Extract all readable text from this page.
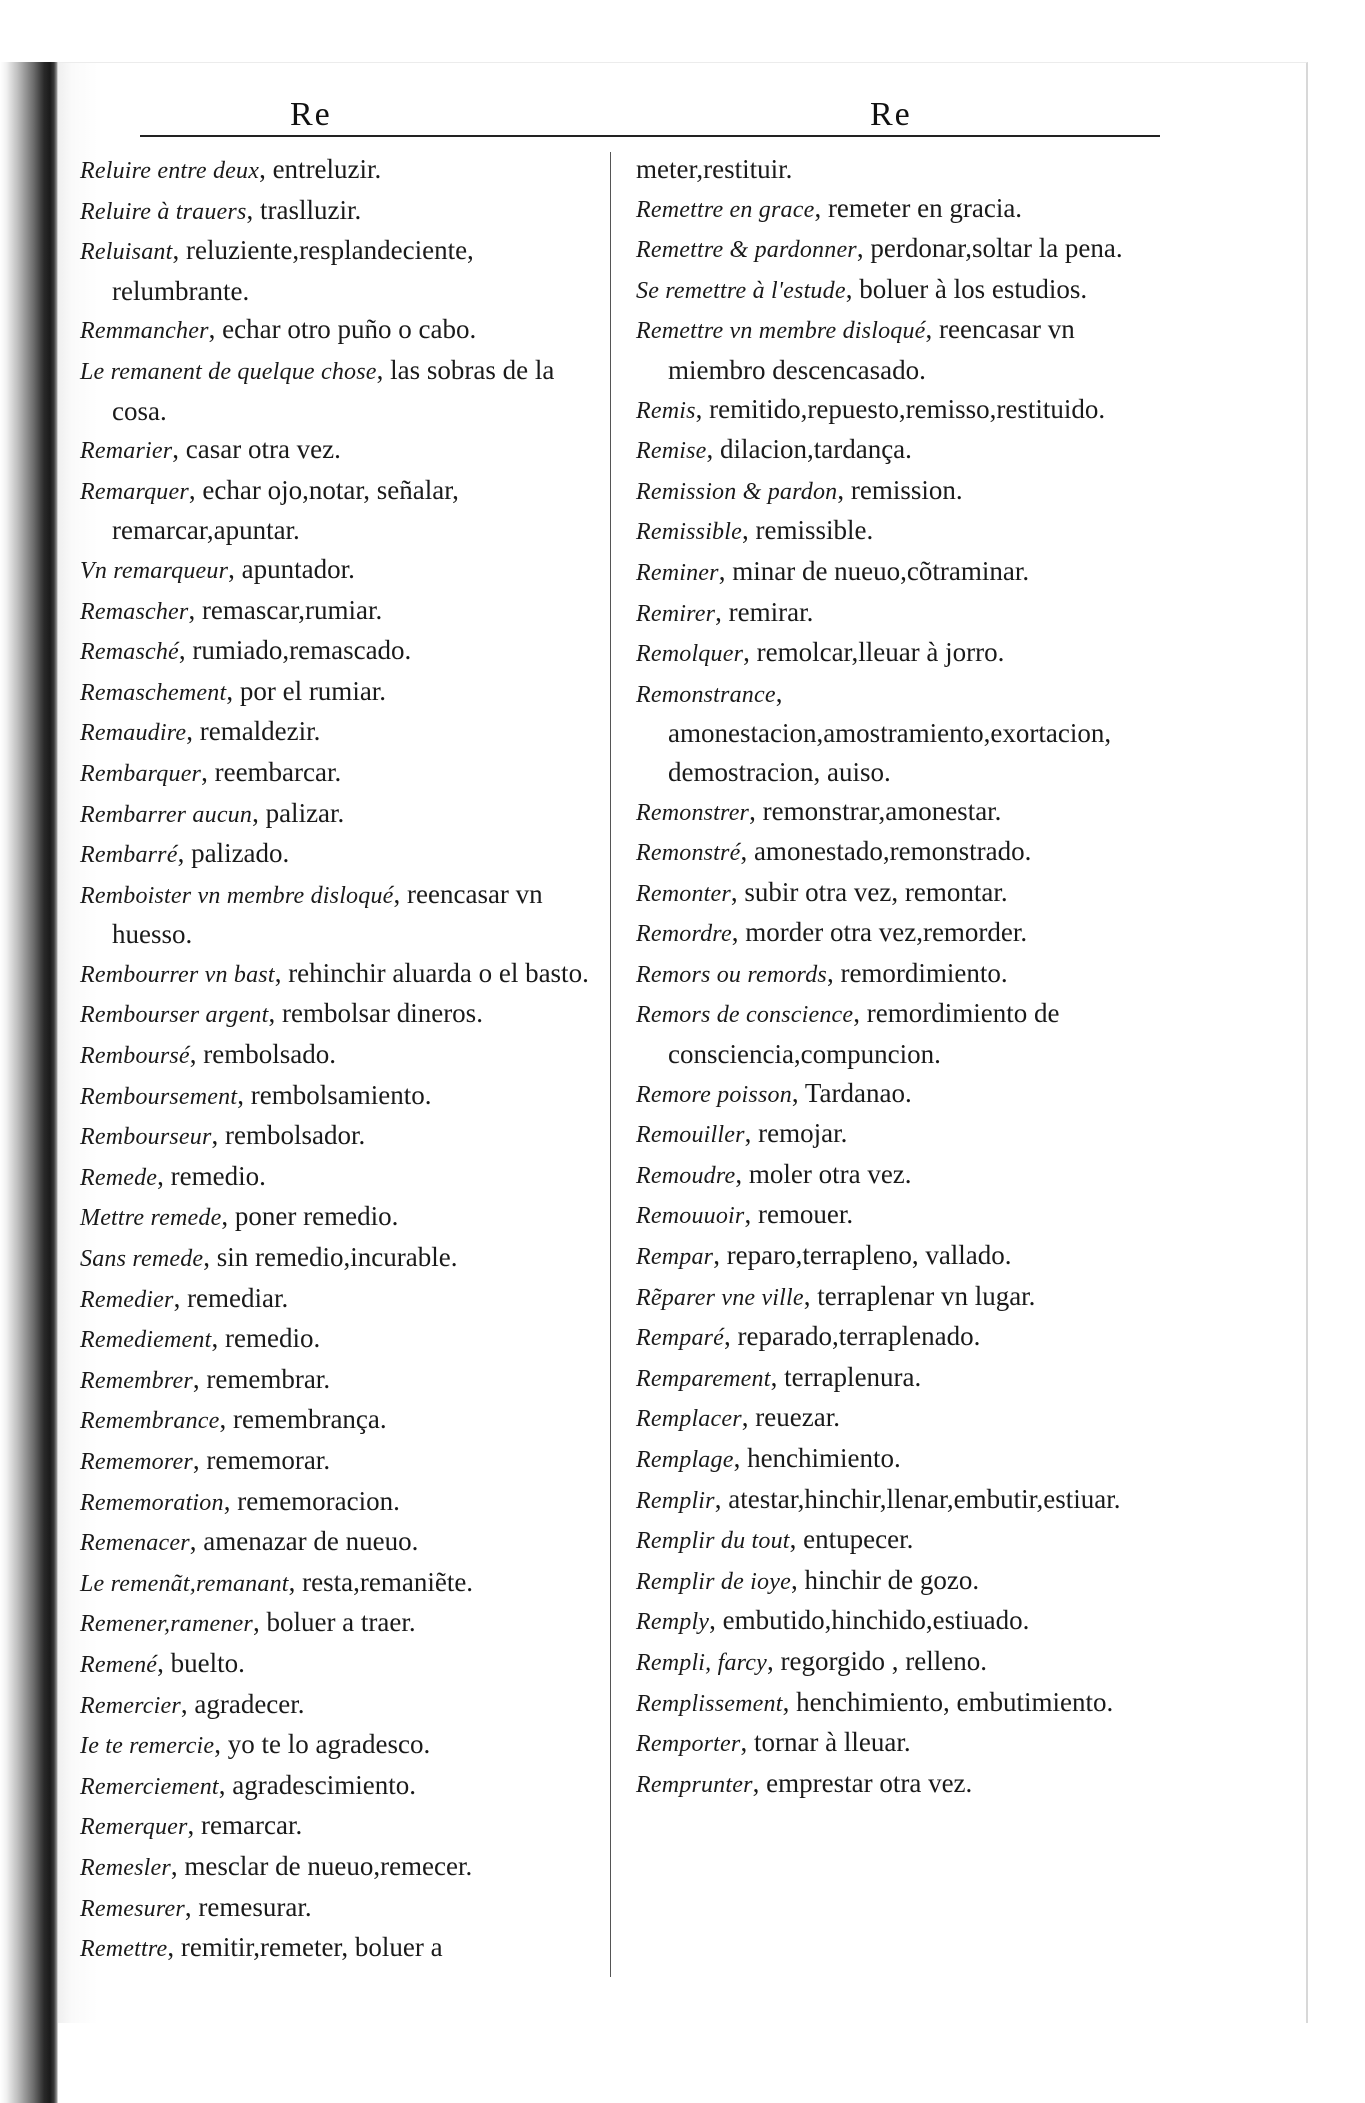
Re	Re
Reluire entre deux, entreluzir.
Reluire à trauers, traslluzir.
Reluisant, reluziente,resplandeciente, relumbrante.
Remmancher, echar otro puño o cabo.
Le remanent de quelque chose, las sobras de la cosa.
Remarier, casar otra vez.
Remarquer, echar ojo,notar, señalar, remarcar,apuntar.
Vn remarqueur, apuntador.
Remascher, remascar,rumiar.
Remasché, rumiado,remascado.
Remaschement, por el rumiar.
Remaudire, remaldezir.
Rembarquer, reembarcar.
Rembarrer aucun, palizar.
Rembarré, palizado.
Remboister vn membre disloqué, reencasar vn huesso.
Rembourrer vn bast, rehinchir aluarda o el basto.
Rembourser argent, rembolsar dineros.
Remboursé, rembolsado.
Remboursement, rembolsamiento.
Rembourseur, rembolsador.
Remede, remedio.
Mettre remede, poner remedio.
Sans remede, sin remedio,incurable.
Remedier, remediar.
Remediement, remedio.
Remembrer, remembrar.
Remembrance, remembrança.
Rememorer, rememorar.
Rememoration, rememoracion.
Remenacer, amenazar de nueuo.
Le remenãt,remanant, resta,remaniẽte.
Remener,ramener, boluer a traer.
Remené, buelto.
Remercier, agradecer.
Ie te remercie, yo te lo agradesco.
Remerciement, agradescimiento.
Remerquer, remarcar.
Remesler, mesclar de nueuo,remecer.
Remesurer, remesurar.
Remettre, remitir,remeter, boluer a
meter,restituir.
Remettre en grace, remeter en gracia.
Remettre & pardonner, perdonar,soltar la pena.
Se remettre à l'estude, boluer à los estudios.
Remettre vn membre disloqué, reencasar vn miembro descencasado.
Remis, remitido,repuesto,remisso,restituido.
Remise, dilacion,tardança.
Remission & pardon, remission.
Remissible, remissible.
Reminer, minar de nueuo,cõtraminar.
Remirer, remirar.
Remolquer, remolcar,lleuar à jorro.
Remonstrance, amonestacion,amostramiento,exortacion, demostracion, auiso.
Remonstrer, remonstrar,amonestar.
Remonstré, amonestado,remonstrado.
Remonter, subir otra vez, remontar.
Remordre, morder otra vez,remorder.
Remors ou remords, remordimiento.
Remors de conscience, remordimiento de consciencia,compuncion.
Remore poisson, Tardanao.
Remouiller, remojar.
Remoudre, moler otra vez.
Remouuoir, remouer.
Rempar, reparo,terrapleno, vallado.
Rẽparer vne ville, terraplenar vn lugar.
Remparé, reparado,terraplenado.
Remparement, terraplenura.
Remplacer, reuezar.
Remplage, henchimiento.
Remplir, atestar,hinchir,llenar,embutir,estiuar.
Remplir du tout, entupecer.
Remplir de ioye, hinchir de gozo.
Remply, embutido,hinchido,estiuado.
Rempli, farcy, regorgido , relleno.
Remplissement, henchimiento, embutimiento.
Remporter, tornar à lleuar.
Remprunter, emprestar otra vez.
